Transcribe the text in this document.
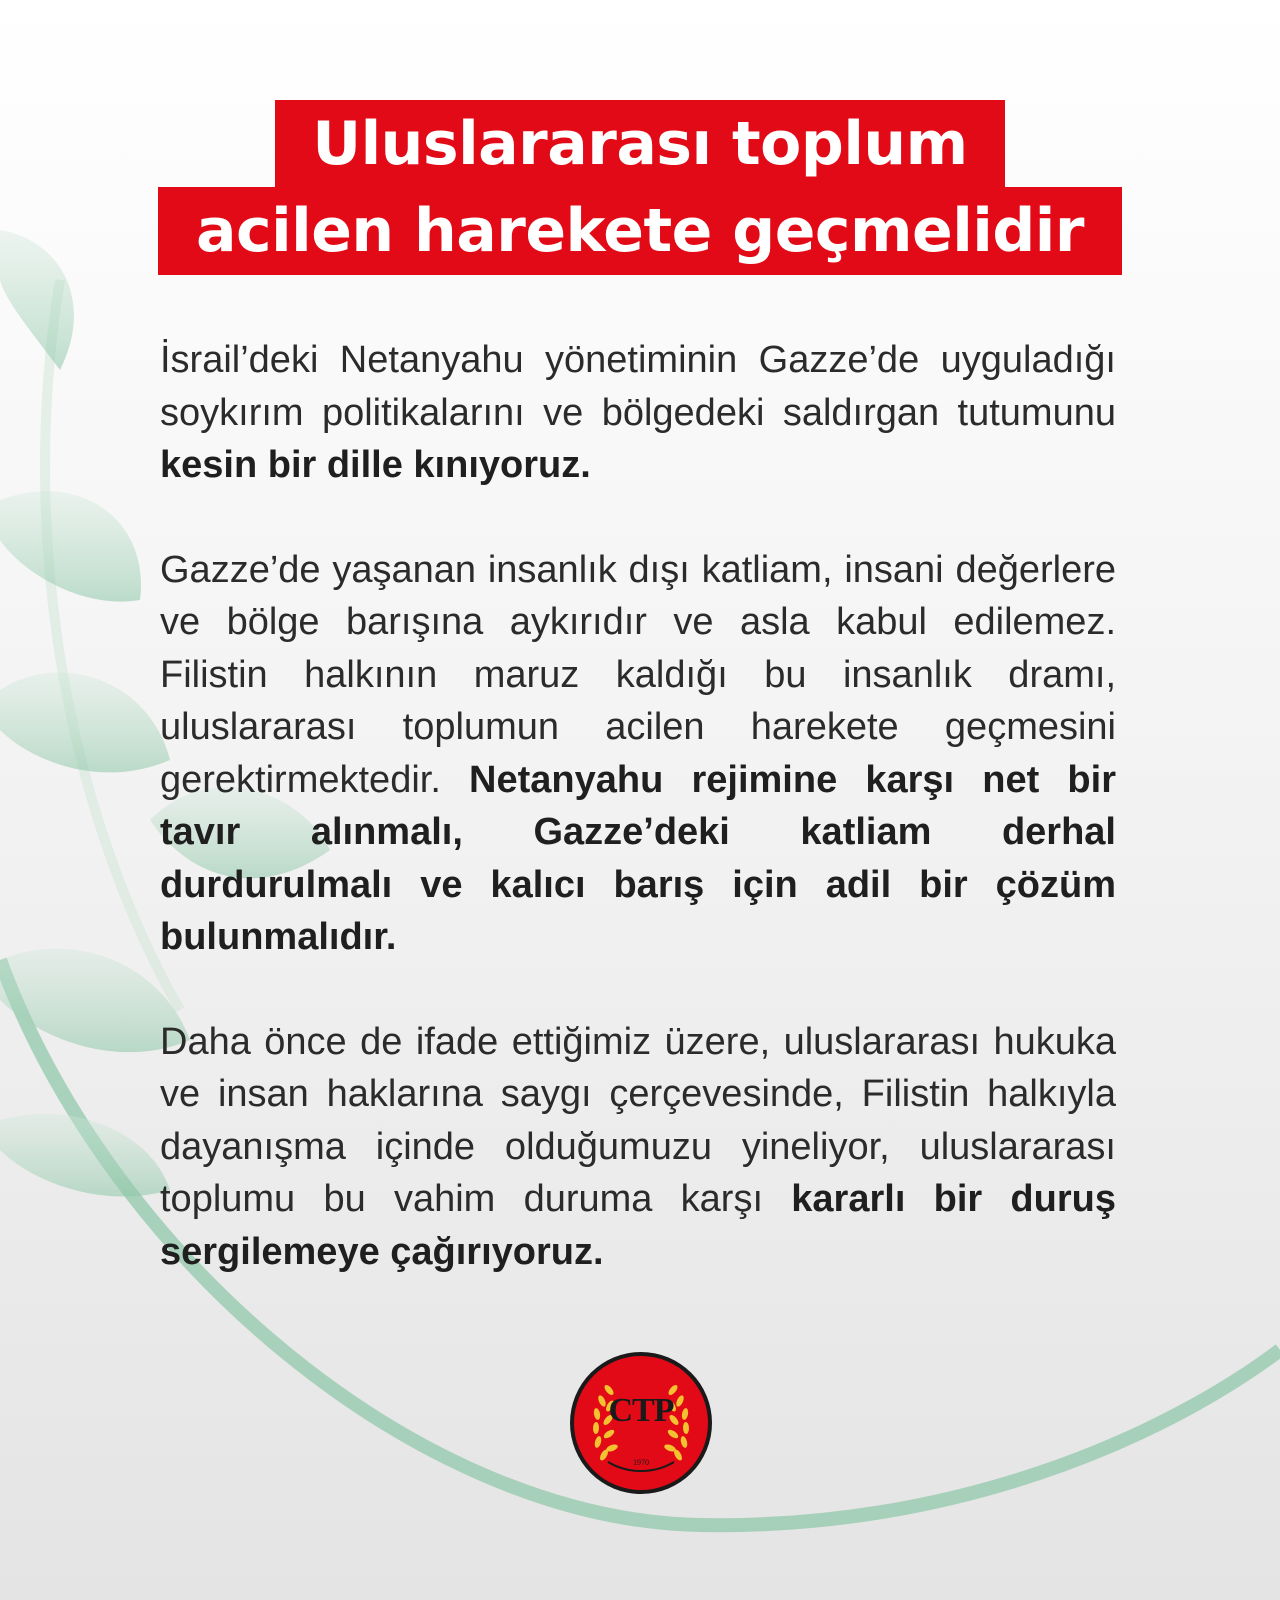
Uluslararası toplum
acilen harekete geçmelidir

İsrail’deki Netanyahu yönetiminin Gazze’de uyguladığı soykırım politikalarını ve bölgedeki saldırgan tutumunu kesin bir dille kınıyoruz.

Gazze’de yaşanan insanlık dışı katliam, insani değerlere ve bölge barışına aykırıdır ve asla kabul edilemez. Filistin halkının maruz kaldığı bu insanlık dramı, uluslararası toplumun acilen harekete geçmesini gerektirmektedir. Netanyahu rejimine karşı net bir tavır alınmalı, Gazze’deki katliam derhal durdurulmalı ve kalıcı barış için adil bir çözüm bulunmalıdır.

Daha önce de ifade ettiğimiz üzere, uluslararası hukuka ve insan haklarına saygı çerçevesinde, Filistin halkıyla dayanışma içinde olduğumuzu yineliyor, uluslararası toplumu bu vahim duruma karşı kararlı bir duruş sergilemeye çağırıyoruz.

CTP
1970
